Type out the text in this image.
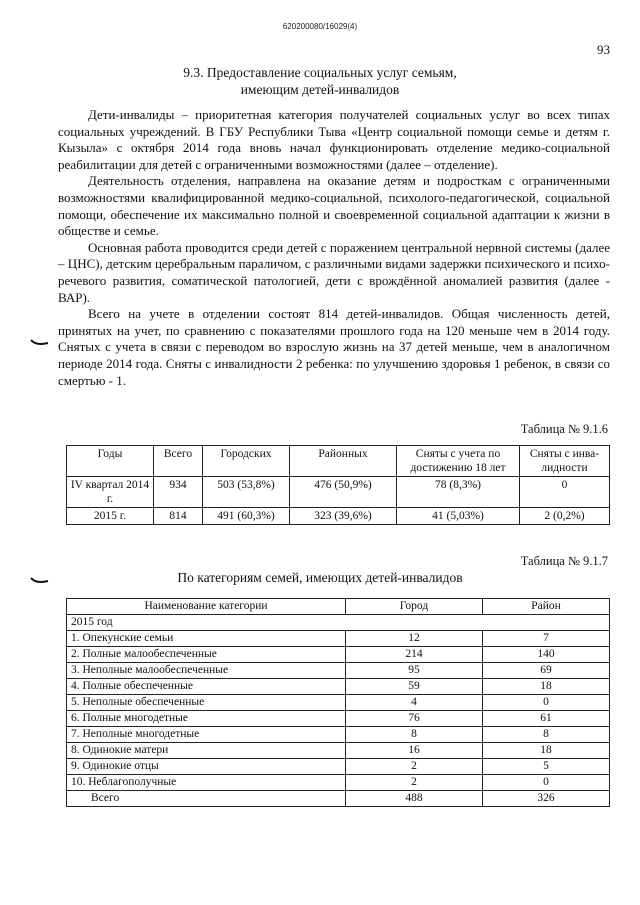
620200080/16029(4)
93
9.3. Предоставление социальных услуг семьям,
имеющим детей-инвалидов

Дети-инвалиды – приоритетная категория получателей социальных услуг во всех типах социальных учреждений. В ГБУ Республики Тыва «Центр социальной помощи семье и детям г. Кызыла» с октября 2014 года вновь начал функционировать отделение медико-социальной реабилитации для детей с ограниченными возможностями (далее – отделение).

Деятельность отделения, направлена на оказание детям и подросткам с ограниченными возможностями квалифицированной медико-социальной, психолого-педагогической, социальной помощи, обеспечение их максимально полной и своевременной социальной адаптации к жизни в обществе и семье.

Основная работа проводится среди детей с поражением центральной нервной системы (далее – ЦНС), детским церебральным параличом, с различными видами задержки психического и психо-речевого развития, соматической патологией, дети с врождённой аномалией развития (далее - ВАР).

Всего на учете в отделении состоят 814 детей-инвалидов. Общая численность детей, принятых на учет, по сравнению с показателями прошлого года на 120 меньше чем в 2014 году. Снятых с учета в связи с переводом во взрослую жизнь на 37 детей меньше, чем в аналогичном периоде 2014 года. Сняты с инвалидности 2 ребенка: по улучшению здоровья 1 ребенок, в связи со смертью - 1.

Таблица № 9.1.6
Годы	Всего	Городских	Районных	Сняты с учета по достижению 18 лет	Сняты с инвалидности
IV квартал 2014 г.	934	503 (53,8%)	476 (50,9%)	78 (8,3%)	0
2015 г.	814	491 (60,3%)	323 (39,6%)	41 (5,03%)	2 (0,2%)
Таблица № 9.1.7
По категориям семей, имеющих детей-инвалидов
Наименование категории	Город	Район
2015 год		
1. Опекунские семьи	12	7
2. Полные малообеспеченные	214	140
3. Неполные малообеспеченные	95	69
4. Полные обеспеченные	59	18
5. Неполные обеспеченные	4	0
6. Полные многодетные	76	61
7. Неполные многодетные	8	8
8. Одинокие матери	16	18
9. Одинокие отцы	2	5
10. Неблагополучные	2	0
Всего	488	326
